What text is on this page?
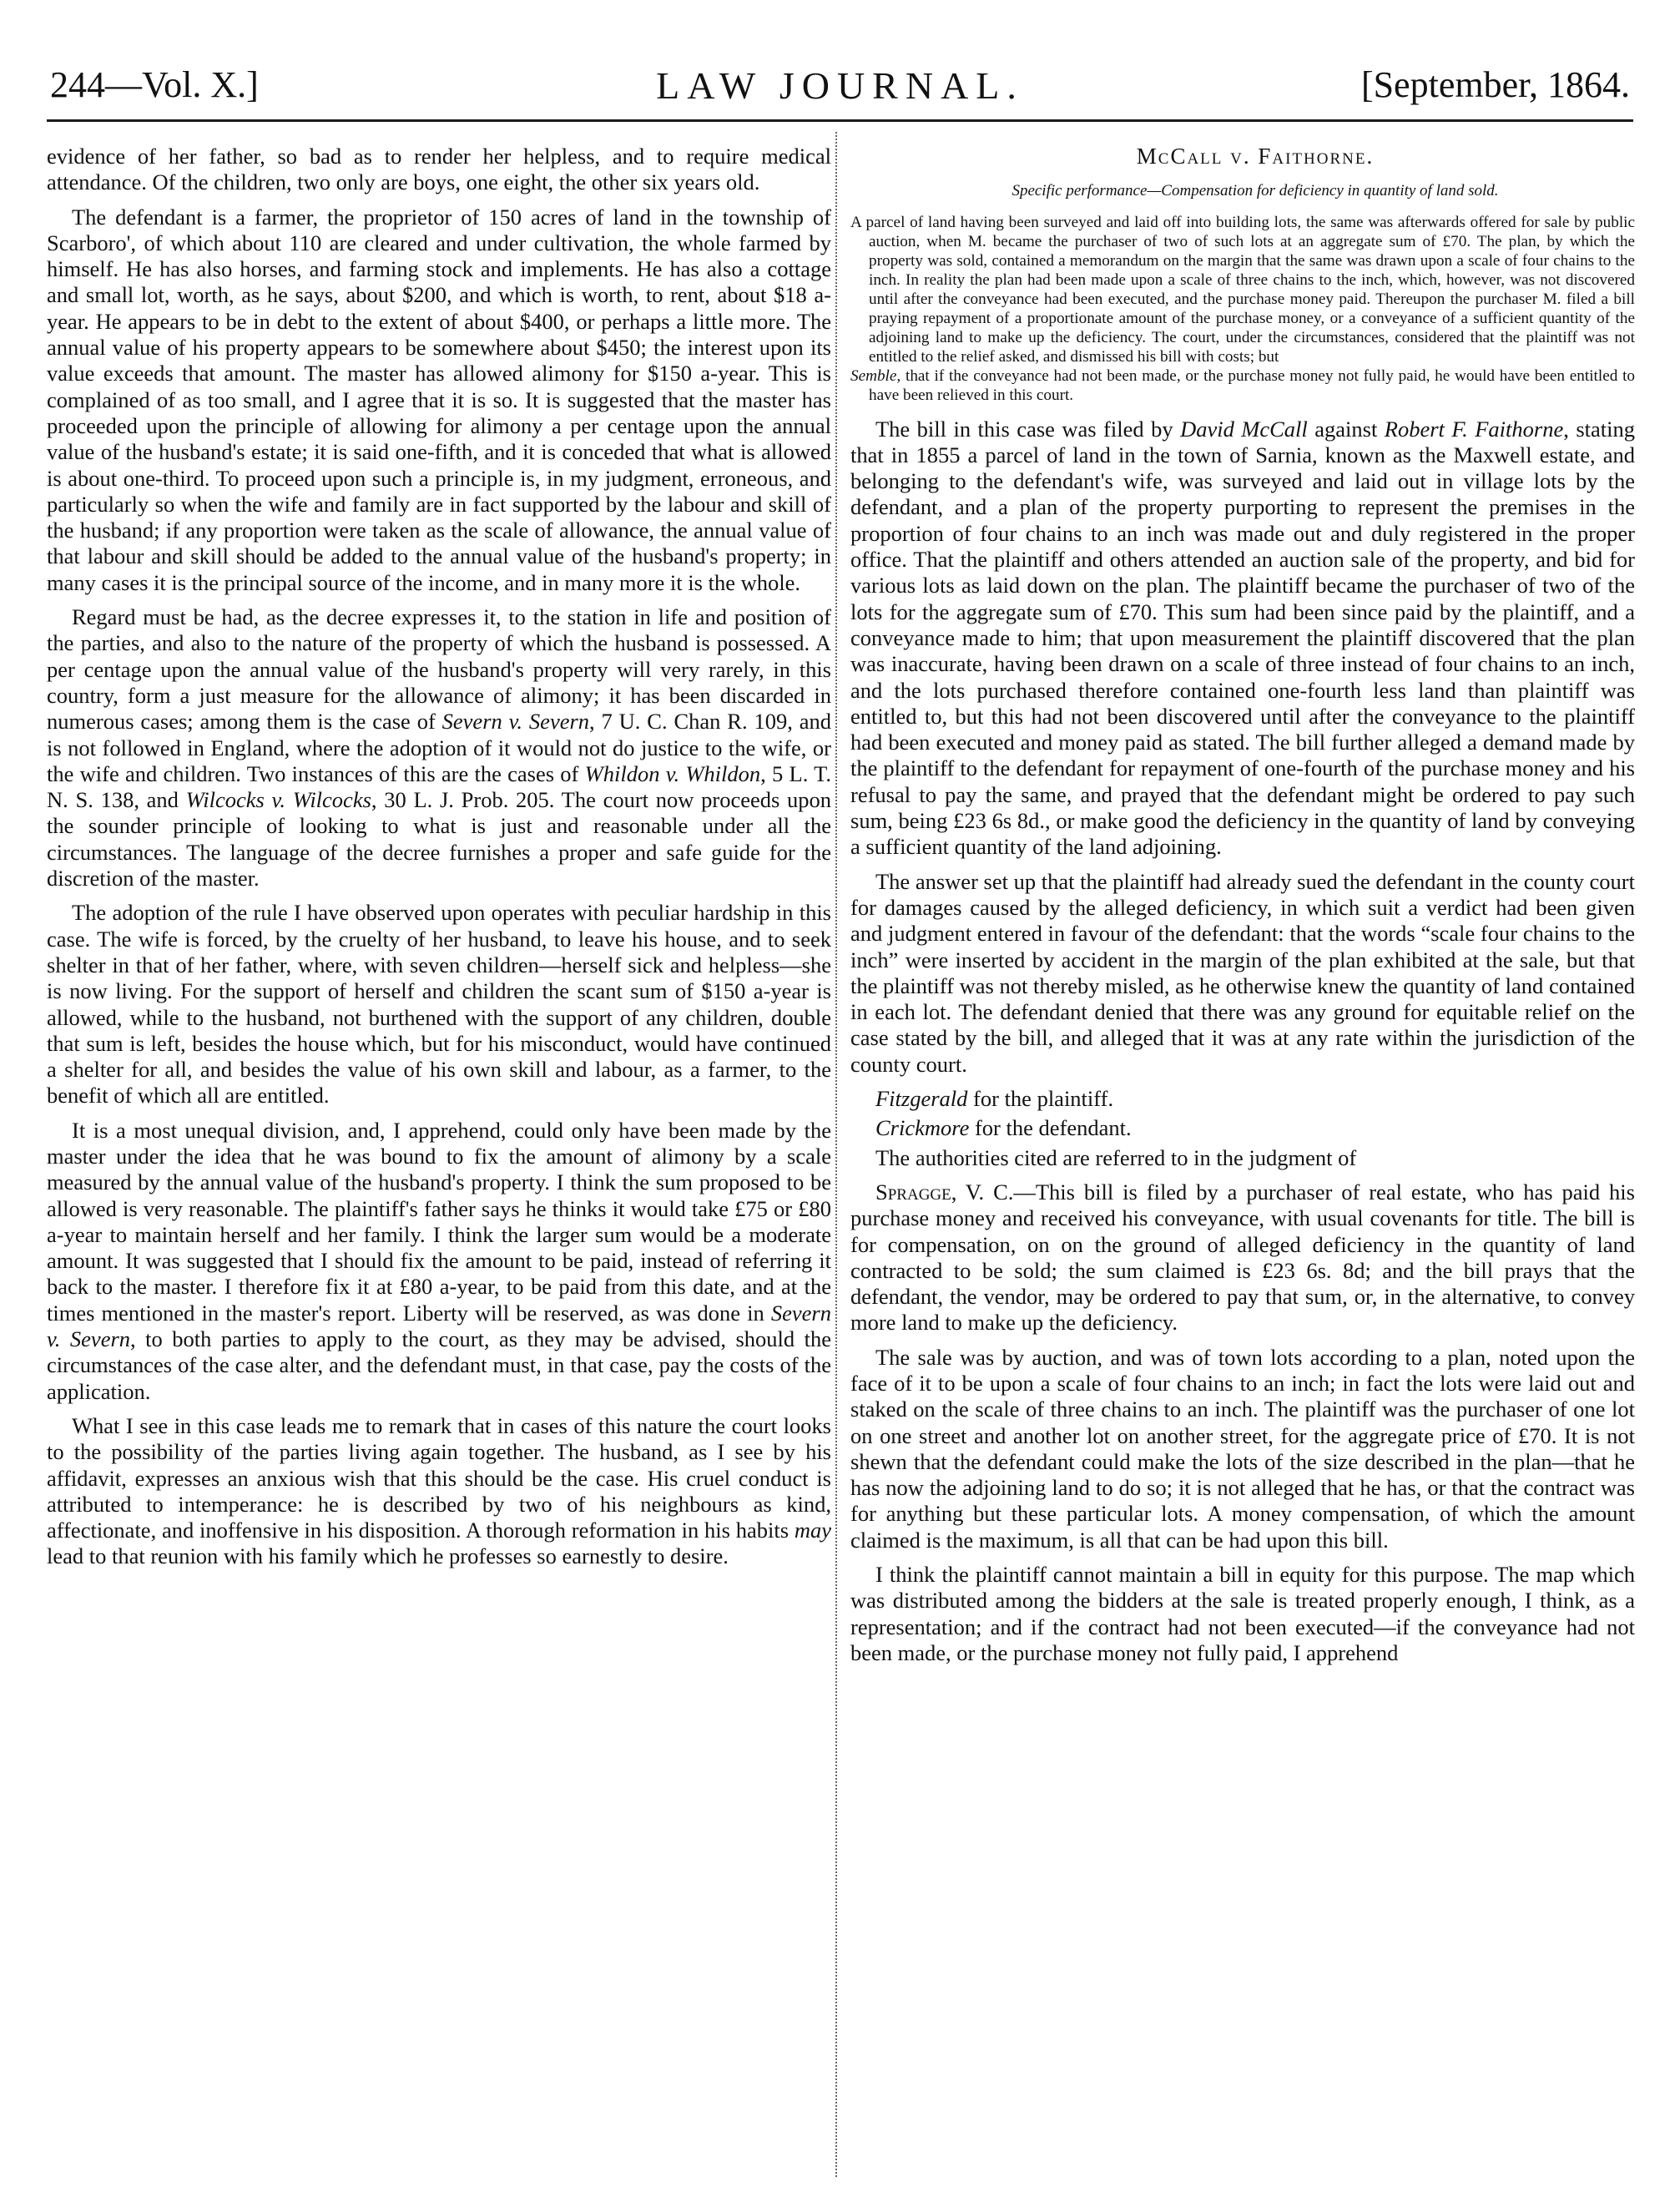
244—Vol. X.]	LAW JOURNAL.	[September, 1864.

evidence of her father, so bad as to render her helpless, and to require medical attendance. Of the children, two only are boys, one eight, the other six years old.

The defendant is a farmer, the proprietor of 150 acres of land in the township of Scarboro', of which about 110 are cleared and under cultivation, the whole farmed by himself. He has also horses, and farming stock and implements. He has also a cottage and small lot, worth, as he says, about $200, and which is worth, to rent, about $18 a-year. He appears to be in debt to the extent of about $400, or perhaps a little more. The annual value of his property appears to be somewhere about $450; the interest upon its value exceeds that amount. The master has allowed alimony for $150 a-year. This is complained of as too small, and I agree that it is so. It is suggested that the master has proceeded upon the principle of allowing for alimony a per centage upon the annual value of the husband's estate; it is said one-fifth, and it is conceded that what is allowed is about one-third. To proceed upon such a principle is, in my judgment, erroneous, and particularly so when the wife and family are in fact supported by the labour and skill of the husband; if any proportion were taken as the scale of allowance, the annual value of that labour and skill should be added to the annual value of the husband's property; in many cases it is the principal source of the income, and in many more it is the whole.

Regard must be had, as the decree expresses it, to the station in life and position of the parties, and also to the nature of the property of which the husband is possessed. A per centage upon the annual value of the husband's property will very rarely, in this country, form a just measure for the allowance of alimony; it has been discarded in numerous cases; among them is the case of Severn v. Severn, 7 U. C. Chan R. 109, and is not followed in England, where the adoption of it would not do justice to the wife, or the wife and children. Two instances of this are the cases of Whildon v. Whildon, 5 L. T. N. S. 138, and Wilcocks v. Wilcocks, 30 L. J. Prob. 205. The court now proceeds upon the sounder principle of looking to what is just and reasonable under all the circumstances. The language of the decree furnishes a proper and safe guide for the discretion of the master.

The adoption of the rule I have observed upon operates with peculiar hardship in this case. The wife is forced, by the cruelty of her husband, to leave his house, and to seek shelter in that of her father, where, with seven children—herself sick and helpless—she is now living. For the support of herself and children the scant sum of $150 a-year is allowed, while to the husband, not burthened with the support of any children, double that sum is left, besides the house which, but for his misconduct, would have continued a shelter for all, and besides the value of his own skill and labour, as a farmer, to the benefit of which all are entitled.

It is a most unequal division, and, I apprehend, could only have been made by the master under the idea that he was bound to fix the amount of alimony by a scale measured by the annual value of the husband's property. I think the sum proposed to be allowed is very reasonable. The plaintiff's father says he thinks it would take £75 or £80 a-year to maintain herself and her family. I think the larger sum would be a moderate amount. It was suggested that I should fix the amount to be paid, instead of referring it back to the master. I therefore fix it at £80 a-year, to be paid from this date, and at the times mentioned in the master's report. Liberty will be reserved, as was done in Severn v. Severn, to both parties to apply to the court, as they may be advised, should the circumstances of the case alter, and the defendant must, in that case, pay the costs of the application.

What I see in this case leads me to remark that in cases of this nature the court looks to the possibility of the parties living again together. The husband, as I see by his affidavit, expresses an anxious wish that this should be the case. His cruel conduct is attributed to intemperance: he is described by two of his neighbours as kind, affectionate, and inoffensive in his disposition. A thorough reformation in his habits may lead to that reunion with his family which he professes so earnestly to desire.

McCall v. Faithorne.

Specific performance—Compensation for deficiency in quantity of land sold.

A parcel of land having been surveyed and laid off into building lots, the same was afterwards offered for sale by public auction, when M. became the purchaser of two of such lots at an aggregate sum of £70. The plan, by which the property was sold, contained a memorandum on the margin that the same was drawn upon a scale of four chains to the inch. In reality the plan had been made upon a scale of three chains to the inch, which, however, was not discovered until after the conveyance had been executed, and the purchase money paid. Thereupon the purchaser M. filed a bill praying repayment of a proportionate amount of the purchase money, or a conveyance of a sufficient quantity of the adjoining land to make up the deficiency. The court, under the circumstances, considered that the plaintiff was not entitled to the relief asked, and dismissed his bill with costs; but
Semble, that if the conveyance had not been made, or the purchase money not fully paid, he would have been entitled to have been relieved in this court.

The bill in this case was filed by David McCall against Robert F. Faithorne, stating that in 1855 a parcel of land in the town of Sarnia, known as the Maxwell estate, and belonging to the defendant's wife, was surveyed and laid out in village lots by the defendant, and a plan of the property purporting to represent the premises in the proportion of four chains to an inch was made out and duly registered in the proper office. That the plaintiff and others attended an auction sale of the property, and bid for various lots as laid down on the plan. The plaintiff became the purchaser of two of the lots for the aggregate sum of £70. This sum had been since paid by the plaintiff, and a conveyance made to him; that upon measurement the plaintiff discovered that the plan was inaccurate, having been drawn on a scale of three instead of four chains to an inch, and the lots purchased therefore contained one-fourth less land than plaintiff was entitled to, but this had not been discovered until after the conveyance to the plaintiff had been executed and money paid as stated. The bill further alleged a demand made by the plaintiff to the defendant for repayment of one-fourth of the purchase money and his refusal to pay the same, and prayed that the defendant might be ordered to pay such sum, being £23 6s 8d., or make good the deficiency in the quantity of land by conveying a sufficient quantity of the land adjoining.

The answer set up that the plaintiff had already sued the defendant in the county court for damages caused by the alleged deficiency, in which suit a verdict had been given and judgment entered in favour of the defendant: that the words “scale four chains to the inch” were inserted by accident in the margin of the plan exhibited at the sale, but that the plaintiff was not thereby misled, as he otherwise knew the quantity of land contained in each lot. The defendant denied that there was any ground for equitable relief on the case stated by the bill, and alleged that it was at any rate within the jurisdiction of the county court.

Fitzgerald for the plaintiff.

Crickmore for the defendant.

The authorities cited are referred to in the judgment of

Spragge, V. C.—This bill is filed by a purchaser of real estate, who has paid his purchase money and received his conveyance, with usual covenants for title. The bill is for compensation, on on the ground of alleged deficiency in the quantity of land contracted to be sold; the sum claimed is £23 6s. 8d; and the bill prays that the defendant, the vendor, may be ordered to pay that sum, or, in the alternative, to convey more land to make up the deficiency.

The sale was by auction, and was of town lots according to a plan, noted upon the face of it to be upon a scale of four chains to an inch; in fact the lots were laid out and staked on the scale of three chains to an inch. The plaintiff was the purchaser of one lot on one street and another lot on another street, for the aggregate price of £70. It is not shewn that the defendant could make the lots of the size described in the plan—that he has now the adjoining land to do so; it is not alleged that he has, or that the contract was for anything but these particular lots. A money compensation, of which the amount claimed is the maximum, is all that can be had upon this bill.

I think the plaintiff cannot maintain a bill in equity for this purpose. The map which was distributed among the bidders at the sale is treated properly enough, I think, as a representation; and if the contract had not been executed—if the conveyance had not been made, or the purchase money not fully paid, I apprehend
